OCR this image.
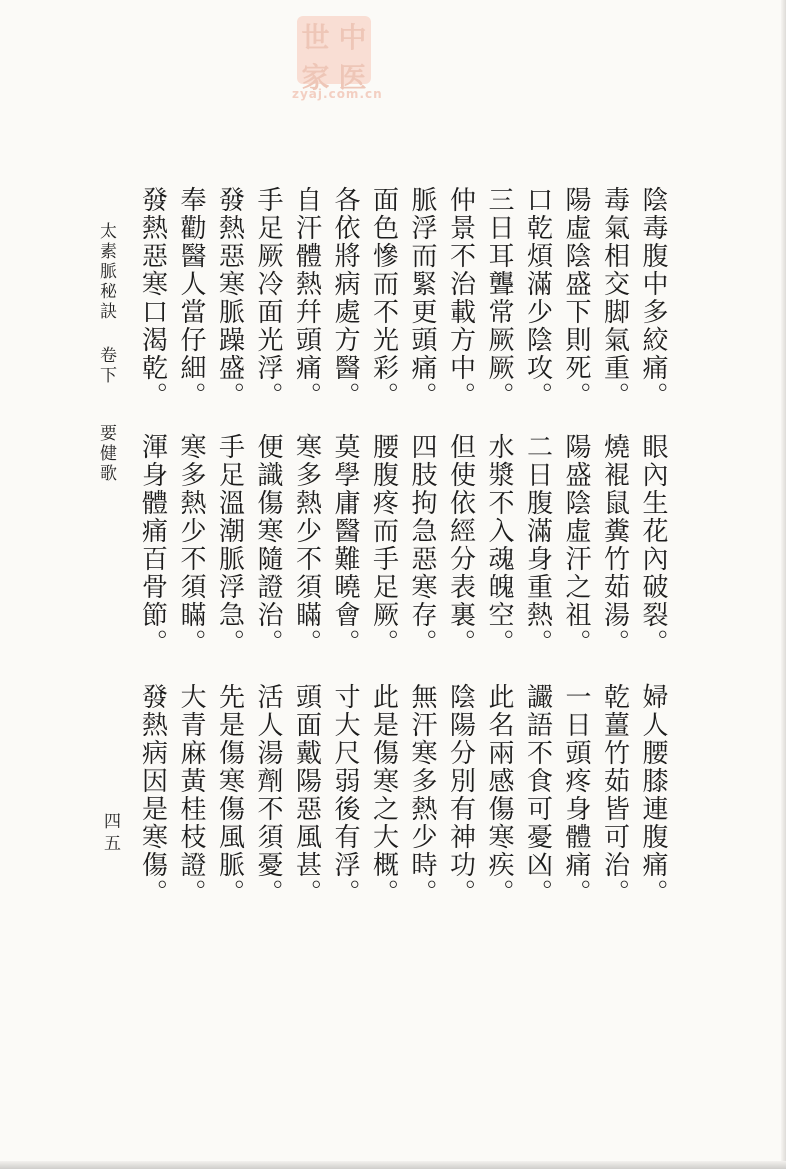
世 中
家 医
zyaj.com.cn
陰毒腹中多絞痛。
毒氣相交脚氣重。
陽虛陰盛下則死。
口乾煩滿少陰攻。
三日耳聾常厥厥。
仲景不治載方中。
脈浮而緊更頭痛。
面色慘而不光彩。
各依將病處方醫。
自汗體熱幷頭痛。
手足厥冷面光浮。
發熱惡寒脈躁盛。
奉勸醫人當仔細。
發熱惡寒口渴乾。
眼內生花內破裂。
燒裩鼠糞竹茹湯。
陽盛陰虛汗之祖。
二日腹滿身重熱。
水漿不入魂魄空。
但使依經分表裏。
四肢拘急惡寒存。
腰腹疼而手足厥。
莫學庸醫難曉會。
寒多熱少不須瞞。
便識傷寒隨證治。
手足溫潮脈浮急。
寒多熱少不須瞞。
渾身體痛百骨節。
婦人腰膝連腹痛。
乾薑竹茹皆可治。
一日頭疼身體痛。
讝語不食可憂凶。
此名兩感傷寒疾。
陰陽分別有神功。
無汗寒多熱少時。
此是傷寒之大概。
寸大尺弱後有浮。
頭面戴陽惡風甚。
活人湯劑不須憂。
先是傷寒傷風脈。
大青麻黃桂枝證。
發熱病因是寒傷。
太素脈秘訣
卷下
要健歌
四五
